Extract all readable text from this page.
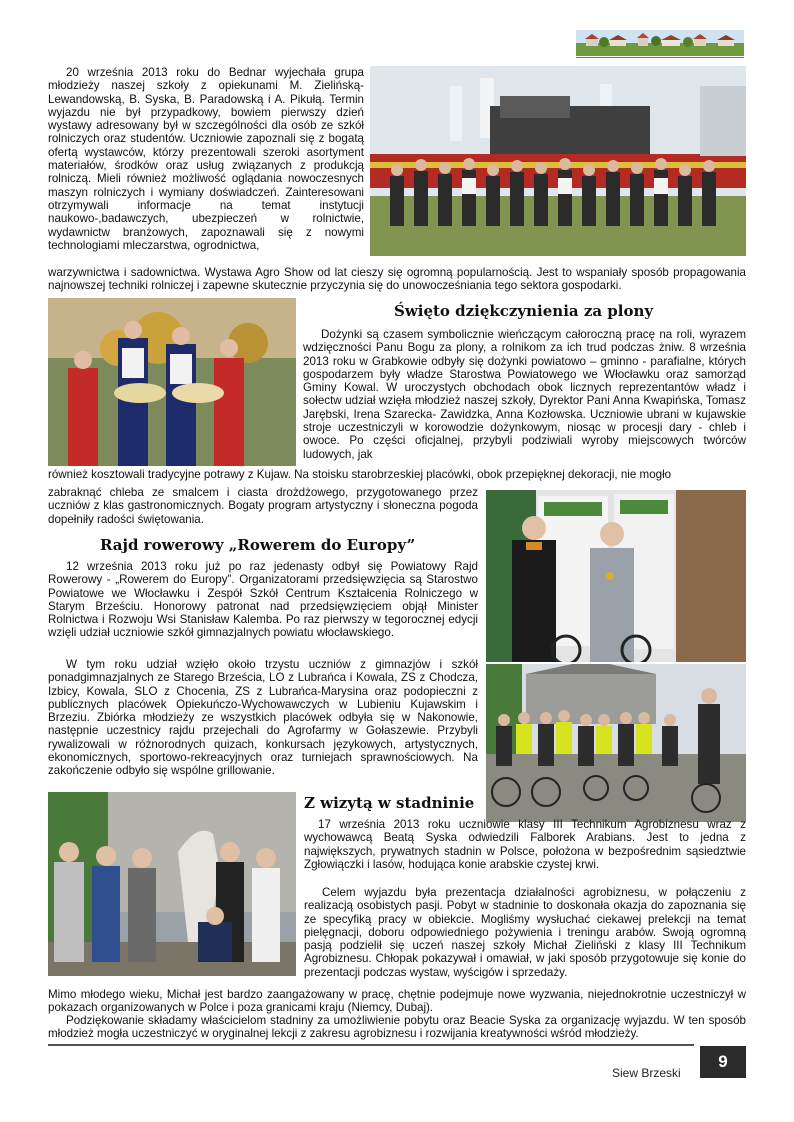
20 września 2013 roku do Bednar wyjechała grupa młodzieży naszej szkoły z opiekunami M. Zielińską-Lewandowską, B. Syska, B. Paradowską i A. Pikułą. Termin wyjazdu nie był przypadkowy, bowiem pierwszy dzień wystawy adresowany był w szczególności dla osób ze szkół rolniczych oraz studentów. Uczniowie zapoznali się z bogatą ofertą wystawców, którzy prezentowali szeroki asortyment materiałów, środków oraz usług związanych z produkcją rolniczą. Mieli również możliwość oglądania nowoczesnych maszyn rolniczych i wymiany doświadczeń. Zainteresowani otrzymywali informacje na temat instytucji naukowo-,badawczych, ubezpieczeń w rolnictwie, wydawnictw branżowych, zapoznawali się z nowymi technologiami mleczarstwa, ogrodnictwa,

warzywnictwa i sadownictwa. Wystawa Agro Show od lat cieszy się ogromną popularnością. Jest to wspaniały sposób propagowania najnowszej techniki rolniczej i zapewne skutecznie przyczynia się do unowocześniania tego sektora gospodarki.

Święto dziękczynienia za plony

Dożynki są czasem symbolicznie wieńczącym całoroczną pracę na roli, wyrazem wdzięczności Panu Bogu za plony, a rolnikom za ich trud podczas żniw. 8 września 2013 roku w Grabkowie odbyły się dożynki powiatowo – gminno - parafialne, których gospodarzem były władze Starostwa Powiatowego we Włocławku oraz samorząd Gminy Kowal. W uroczystych obchodach obok licznych reprezentantów władz i sołectw udział wzięła młodzież naszej szkoły, Dyrektor Pani Anna Kwapińska, Tomasz Jarębski, Irena Szarecka- Zawidzka, Anna Kozłowska. Uczniowie ubrani w kujawskie stroje uczestniczyli w korowodzie dożynkowym, niosąc w procesji dary - chleb i owoce. Po części oficjalnej, przybyli podziwiali wyroby miejscowych twórców ludowych, jak

również kosztowali tradycyjne potrawy z Kujaw. Na stoisku starobrzeskiej placówki, obok przepięknej dekoracji, nie mogło

zabraknąć chleba ze smalcem i ciasta drożdżowego, przygotowanego przez uczniów z klas gastronomicznych. Bogaty program artystyczny i słoneczna pogoda dopełniły radości świętowania.

Rajd rowerowy „Rowerem do Europy”

12 września 2013 roku już po raz jedenasty odbył się Powiatowy Rajd Rowerowy - „Rowerem do Europy”. Organizatorami przedsięwzięcia są Starostwo Powiatowe we Włocławku i Zespół Szkół Centrum Kształcenia Rolniczego w Starym Brześciu. Honorowy patronat nad przedsięwzięciem objął Minister Rolnictwa i Rozwoju Wsi Stanisław Kalemba. Po raz pierwszy w tegorocznej edycji wzięli udział uczniowie szkół gimnazjalnych powiatu włocławskiego.

W tym roku udział wzięło około trzystu uczniów z gimnazjów i szkół ponadgimnazjalnych ze Starego Brześcia, LO z Lubrańca i Kowala, ZS z Chodcza, Izbicy, Kowala, SLO z Chocenia, ZS z Lubrańca-Marysina oraz podopieczni z publicznych placówek Opiekuńczo-Wychowawczych w Lubieniu Kujawskim i Brzeziu. Zbiórka młodzieży ze wszystkich placówek odbyła się w Nakonowie, następnie uczestnicy rajdu przejechali do Agrofarmy w Gołaszewie. Przybyli rywalizowali w różnorodnych quizach, konkursach językowych, artystycznych, ekonomicznych, sportowo-rekreacyjnych oraz turniejach sprawnościowych. Na zakończenie odbyło się wspólne grillowanie.

Z wizytą w stadninie

17 września 2013 roku uczniowie klasy III Technikum Agrobiznesu wraz z wychowawcą Beatą Syska odwiedzili Falborek Arabians. Jest to jedna z największych, prywatnych stadnin w Polsce, położona w bezpośrednim sąsiedztwie Zgłowiączki i lasów, hodująca konie arabskie czystej krwi.

Celem wyjazdu była prezentacja działalności agrobiznesu, w połączeniu z realizacją osobistych pasji. Pobyt w stadninie to doskonała okazja do zapoznania się ze specyfiką pracy w obiekcie. Mogliśmy wysłuchać ciekawej prelekcji na temat pielęgnacji, doboru odpowiedniego pożywienia i treningu arabów. Swoją ogromną pasją podzielił się uczeń naszej szkoły Michał Zieliński z klasy III Technikum Agrobiznesu. Chłopak pokazywał i omawiał, w jaki sposób przygotowuje się konie do prezentacji podczas wystaw, wyścigów i sprzedaży.

Mimo młodego wieku, Michał jest bardzo zaangażowany w pracę, chętnie podejmuje nowe wyzwania, niejednokrotnie uczestniczył w pokazach organizowanych w Polce i poza granicami kraju (Niemcy, Dubaj).

Podziękowanie składamy właścicielom stadniny za umożliwienie pobytu oraz Beacie Syska za organizację wyjazdu. W ten sposób młodzież mogła uczestniczyć w oryginalnej lekcji z zakresu agrobiznesu i rozwijania kreatywności wśród młodzieży.

Siew Brzeski
9
